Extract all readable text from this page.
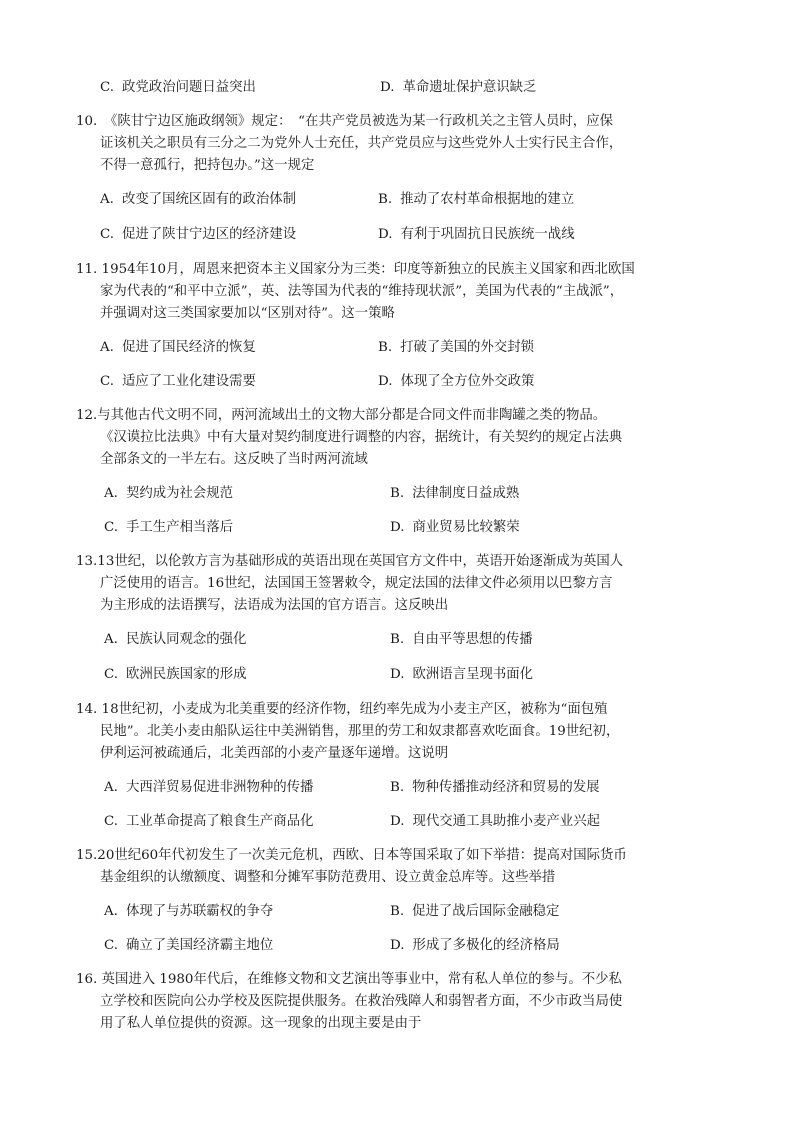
C. 政党政治问题日益突出	D. 革命遗址保护意识缺乏
10.　《陕甘宁边区施政纲领》规定：　“在共产党员被选为某一行政机关之主管人员时，应保
证该机关之职员有三分之二为党外人士充任，共产党员应与这些党外人士实行民主合作，
不得一意孤行，把持包办。”这一规定
A. 改变了国统区固有的政治体制	B. 推动了农村革命根据地的建立
C. 促进了陕甘宁边区的经济建设	D. 有利于巩固抗日民族统一战线
11. 1954年10月，周恩来把资本主义国家分为三类：印度等新独立的民族主义国家和西北欧国
家为代表的“和平中立派”，英、法等国为代表的“维持现状派”，美国为代表的“主战派”，
并强调对这三类国家要加以“区别对待”。这一策略
A. 促进了国民经济的恢复	B. 打破了美国的外交封锁
C. 适应了工业化建设需要	D. 体现了全方位外交政策
12.与其他古代文明不同，两河流域出土的文物大部分都是合同文件而非陶罐之类的物品。
《汉谟拉比法典》中有大量对契约制度进行调整的内容，据统计，有关契约的规定占法典
全部条文的一半左右。这反映了当时两河流域
A. 契约成为社会规范	B. 法律制度日益成熟
C. 手工生产相当落后	D. 商业贸易比较繁荣
13.13世纪，以伦敦方言为基础形成的英语出现在英国官方文件中，英语开始逐渐成为英国人
广泛使用的语言。16世纪，法国国王签署敕令，规定法国的法律文件必须用以巴黎方言
为主形成的法语撰写，法语成为法国的官方语言。这反映出
A. 民族认同观念的强化	B. 自由平等思想的传播
C. 欧洲民族国家的形成	D. 欧洲语言呈现书面化
14. 18世纪初，小麦成为北美重要的经济作物，纽约率先成为小麦主产区，被称为“面包殖
民地”。北美小麦由船队运往中美洲销售，那里的劳工和奴隶都喜欢吃面食。19世纪初，
伊利运河被疏通后，北美西部的小麦产量逐年递增。这说明
A. 大西洋贸易促进非洲物种的传播	B. 物种传播推动经济和贸易的发展
C. 工业革命提高了粮食生产商品化	D. 现代交通工具助推小麦产业兴起
15.20世纪60年代初发生了一次美元危机，西欧、日本等国采取了如下举措：提高对国际货币
基金组织的认缴额度、调整和分摊军事防范费用、设立黄金总库等。这些举措
A. 体现了与苏联霸权的争夺	B. 促进了战后国际金融稳定
C. 确立了美国经济霸主地位	D. 形成了多极化的经济格局
16. 英国进入 1980年代后，在维修文物和文艺演出等事业中，常有私人单位的参与。不少私
立学校和医院向公办学校及医院提供服务。在救治残障人和弱智者方面，不少市政当局使
用了私人单位提供的资源。这一现象的出现主要是由于
